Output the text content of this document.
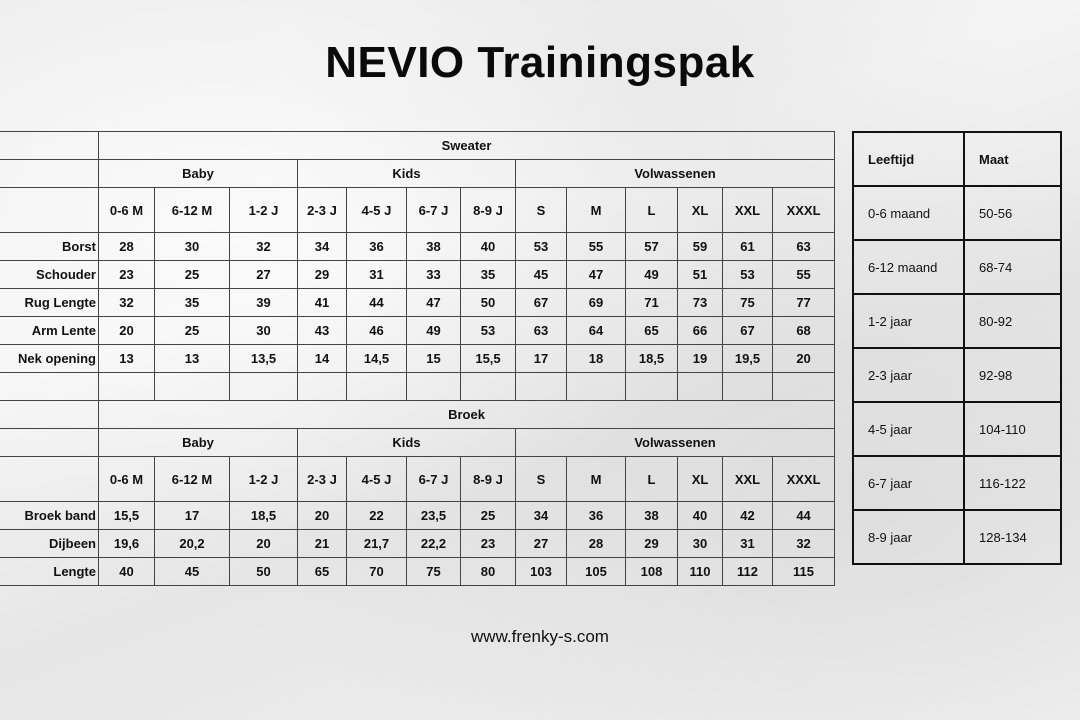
NEVIO Trainingspak
	Sweater												
	Baby			Kids				Volwassenen					
	0-6 M	6-12 M	1-2 J	2-3 J	4-5 J	6-7 J	8-9 J	S	M	L	XL	XXL	XXXL
Borst	28	30	32	34	36	38	40	53	55	57	59	61	63
Schouder	23	25	27	29	31	33	35	45	47	49	51	53	55
Rug Lengte	32	35	39	41	44	47	50	67	69	71	73	75	77
Arm Lente	20	25	30	43	46	49	53	63	64	65	66	67	68
Nek opening	13	13	13,5	14	14,5	15	15,5	17	18	18,5	19	19,5	20

	Broek												
	Baby			Kids				Volwassenen					
	0-6 M	6-12 M	1-2 J	2-3 J	4-5 J	6-7 J	8-9 J	S	M	L	XL	XXL	XXXL
Broek band	15,5	17	18,5	20	22	23,5	25	34	36	38	40	42	44
Dijbeen	19,6	20,2	20	21	21,7	22,2	23	27	28	29	30	31	32
Lengte	40	45	50	65	70	75	80	103	105	108	110	112	115
Leeftijd	Maat
0-6 maand	50-56
6-12 maand	68-74
1-2 jaar	80-92
2-3 jaar	92-98
4-5 jaar	104-110
6-7 jaar	116-122
8-9 jaar	128-134
www.frenky-s.com
